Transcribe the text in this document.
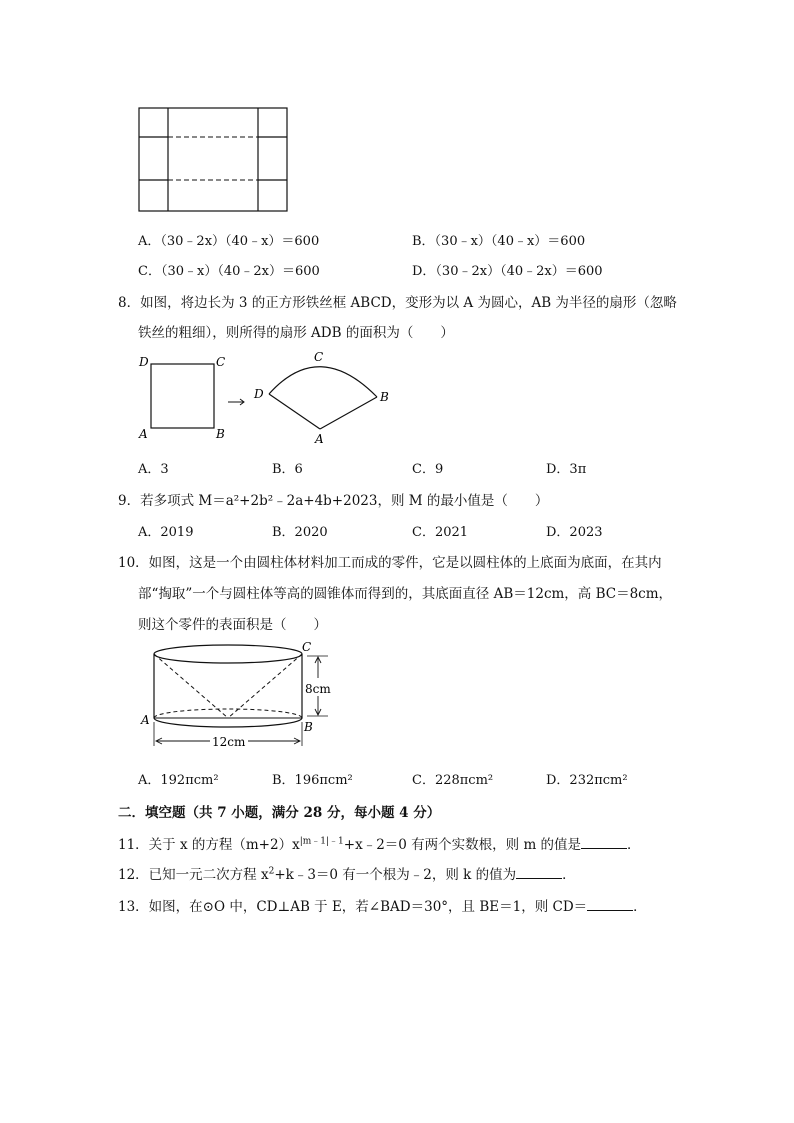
A．（30﹣2x）（40﹣x）＝600	B．（30﹣x）（40﹣x）＝600
C．（30﹣x）（40﹣2x）＝600	D．（30﹣2x）（40﹣2x）＝600
8．如图，将边长为 3 的正方形铁丝框 ABCD，变形为以 A 为圆心，AB 为半径的扇形（忽略
铁丝的粗细），则所得的扇形 ADB 的面积为（　　）
D	C
A	B
C
D	B
A
A．3	B．6	C．9	D．3π
9．若多项式 M＝a²+2b²﹣2a+4b+2023，则 M 的最小值是（　　）
A．2019	B．2020	C．2021	D．2023
10．如图，这是一个由圆柱体材料加工而成的零件，它是以圆柱体的上底面为底面，在其内
部“掏取”一个与圆柱体等高的圆锥体而得到的，其底面直径 AB＝12cm，高 BC＝8cm，
则这个零件的表面积是（　　）
8cm
12cm
A	B
C
A．192πcm²	B．196πcm²	C．228πcm²	D．232πcm²
二．填空题（共 7 小题，满分 28 分，每小题 4 分）
11．关于 x 的方程$(m+2)x^{|m﹣1|﹣1}+x﹣2=0$ 有两个实数根，则 m 的值是	．
12．已知一元二次方程 $x^2+k﹣3=0$ 有一个根为﹣2，则 k 的值为	．
13．如图，在⊙O 中，CD⊥AB 于 E，若∠BAD＝30°，且 BE＝1，则 CD＝	．
